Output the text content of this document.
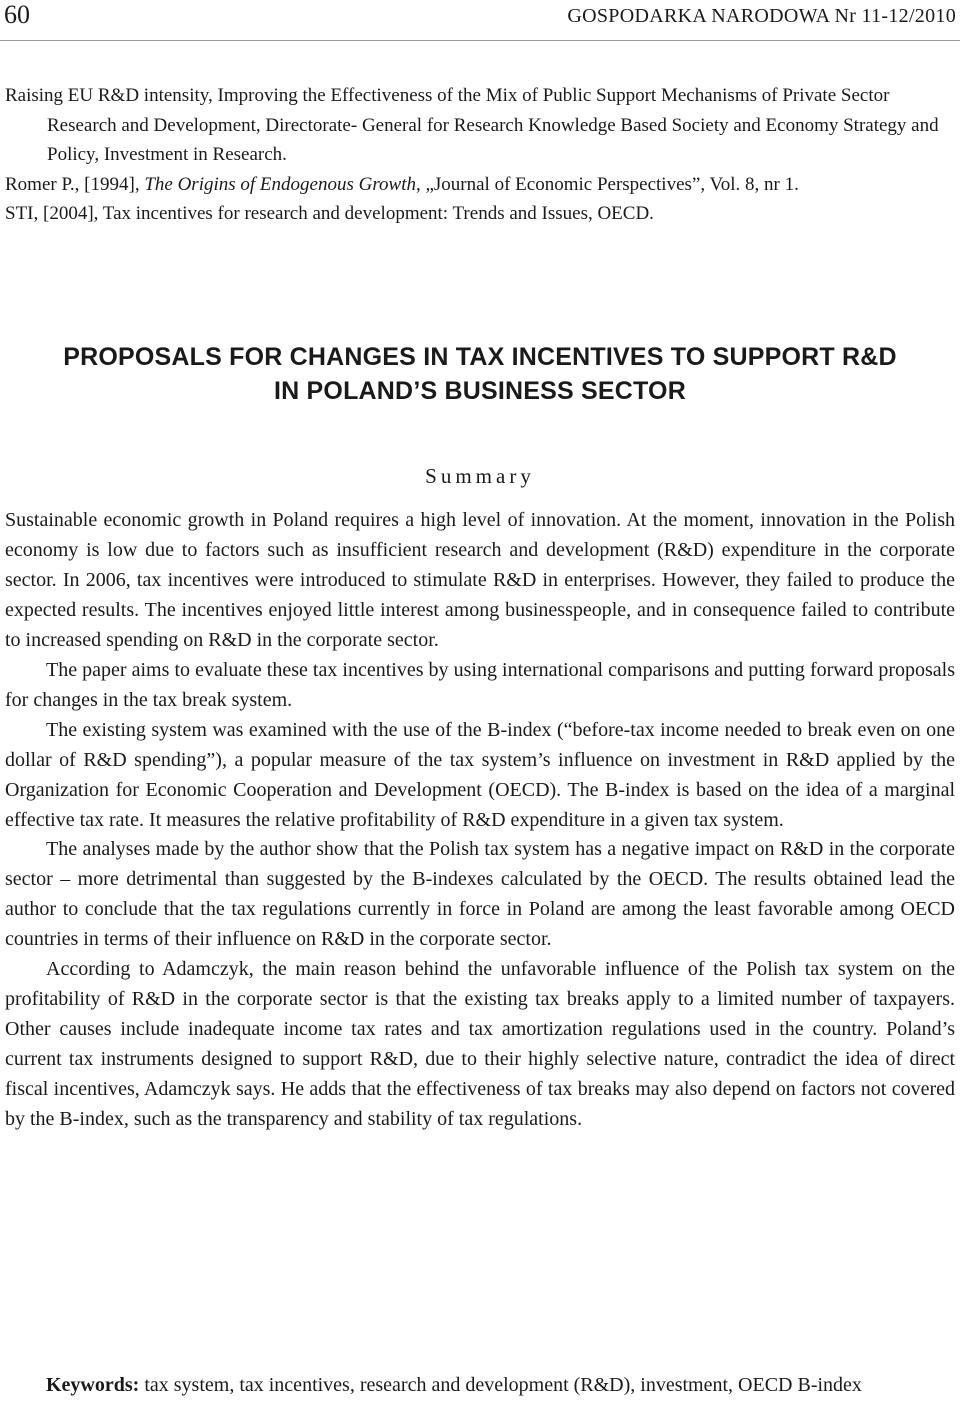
60	GOSPODARKA NARODOWA Nr 11-12/2010
Raising EU R&D intensity, Improving the Effectiveness of the Mix of Public Support Mechanisms of Private Sector Research and Development, Directorate- General for Research Knowledge Based Society and Economy Strategy and Policy, Investment in Research.
Romer P., [1994], The Origins of Endogenous Growth, „Journal of Economic Perspectives”, Vol. 8, nr 1.
STI, [2004], Tax incentives for research and development: Trends and Issues, OECD.
PROPOSALS FOR CHANGES IN TAX INCENTIVES TO SUPPORT R&D
IN POLAND’S BUSINESS SECTOR
Summary

Sustainable economic growth in Poland requires a high level of innovation. At the moment, innovation in the Polish economy is low due to factors such as insufficient research and development (R&D) expenditure in the corporate sector. In 2006, tax incentives were introduced to stimulate R&D in enterprises. However, they failed to produce the expected results. The incentives enjoyed little interest among businesspeople, and in consequence failed to contribute to increased spending on R&D in the corporate sector.

The paper aims to evaluate these tax incentives by using international comparisons and putting forward proposals for changes in the tax break system.

The existing system was examined with the use of the B-index (“before-tax income needed to break even on one dollar of R&D spending”), a popular measure of the tax system’s influence on investment in R&D applied by the Organization for Economic Cooperation and Development (OECD). The B-index is based on the idea of a marginal effective tax rate. It measures the relative profitability of R&D expenditure in a given tax system.

The analyses made by the author show that the Polish tax system has a negative impact on R&D in the corporate sector – more detrimental than suggested by the B-indexes calculated by the OECD. The results obtained lead the author to conclude that the tax regulations currently in force in Poland are among the least favorable among OECD countries in terms of their influence on R&D in the corporate sector.

According to Adamczyk, the main reason behind the unfavorable influence of the Polish tax system on the profitability of R&D in the corporate sector is that the existing tax breaks apply to a limited number of taxpayers. Other causes include inadequate income tax rates and tax amortization regulations used in the country. Poland’s current tax instruments designed to support R&D, due to their highly selective nature, contradict the idea of direct fiscal incentives, Adamczyk says. He adds that the effectiveness of tax breaks may also depend on factors not covered by the B-index, such as the transparency and stability of tax regulations.

Keywords: tax system, tax incentives, research and development (R&D), investment, OECD B-index
